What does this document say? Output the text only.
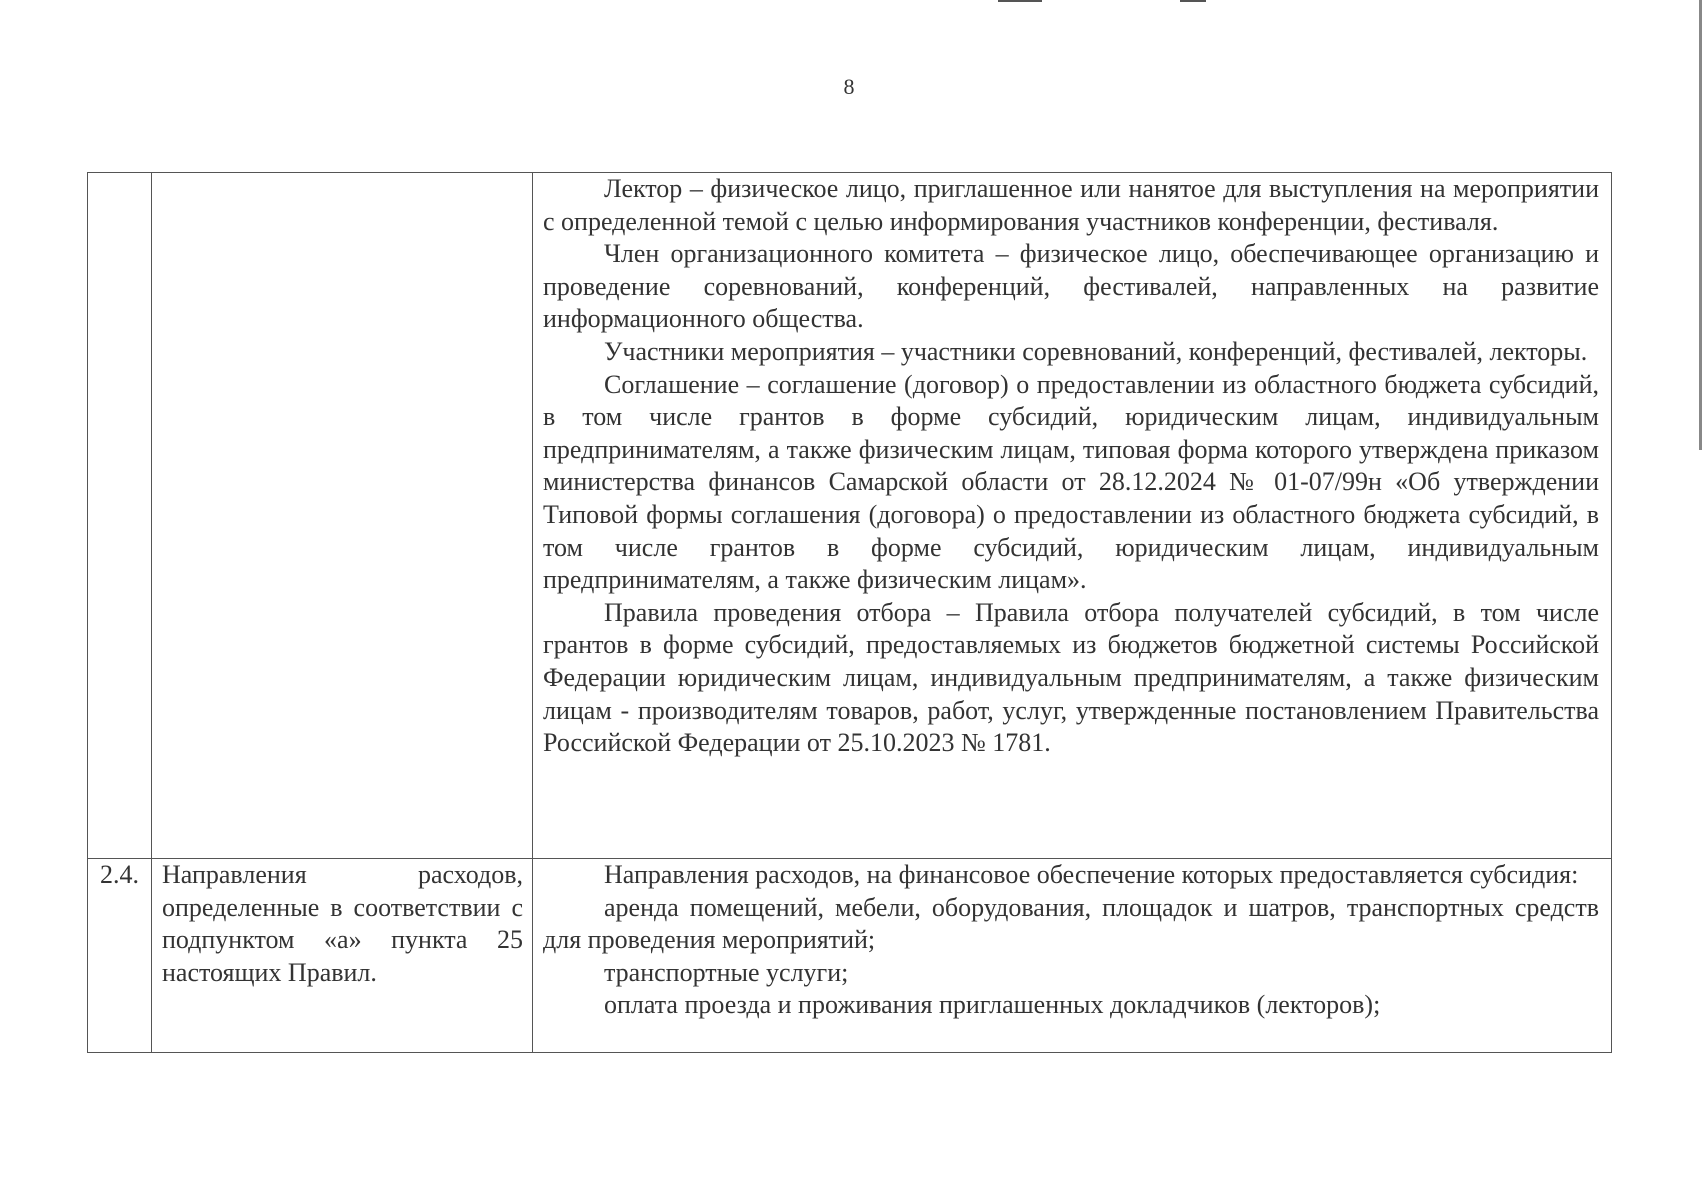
8

		Лектор – физическое лицо, приглашенное или нанятое для выступления на мероприятии с определенной темой с целью информирования участников конференции, фестиваля.

Член организационного комитета – физическое лицо, обеспечивающее организацию и проведение соревнований, конференций, фестивалей, направленных на развитие информационного общества.

Участники мероприятия – участники соревнований, конференций, фестивалей, лекторы.

Соглашение – соглашение (договор) о предоставлении из областного бюджета субсидий, в том числе грантов в форме субсидий, юридическим лицам, индивидуальным предпринимателям, а также физическим лицам, типовая форма которого утверждена приказом министерства финансов Самарской области от 28.12.2024 № 01-07/99н «Об утверждении Типовой формы соглашения (договора) о предоставлении из областного бюджета субсидий, в том числе грантов в форме субсидий, юридическим лицам, индивидуальным предпринимателям, а также физическим лицам».

Правила проведения отбора – Правила отбора получателей субсидий, в том числе грантов в форме субсидий, предоставляемых из бюджетов бюджетной системы Российской Федерации юридическим лицам, индивидуальным предпринимателям, а также физическим лицам - производителям товаров, работ, услуг, утвержденные постановлением Правительства Российской Федерации от 25.10.2023 № 1781.

2.4.	Направления расходов, определенные в соответствии с подпунктом «а» пункта 25 настоящих Правил.	Направления расходов, на финансовое обеспечение которых предоставляется субсидия:

аренда помещений, мебели, оборудования, площадок и шатров, транспортных средств для проведения мероприятий;

транспортные услуги;

оплата проезда и проживания приглашенных докладчиков (лекторов);
